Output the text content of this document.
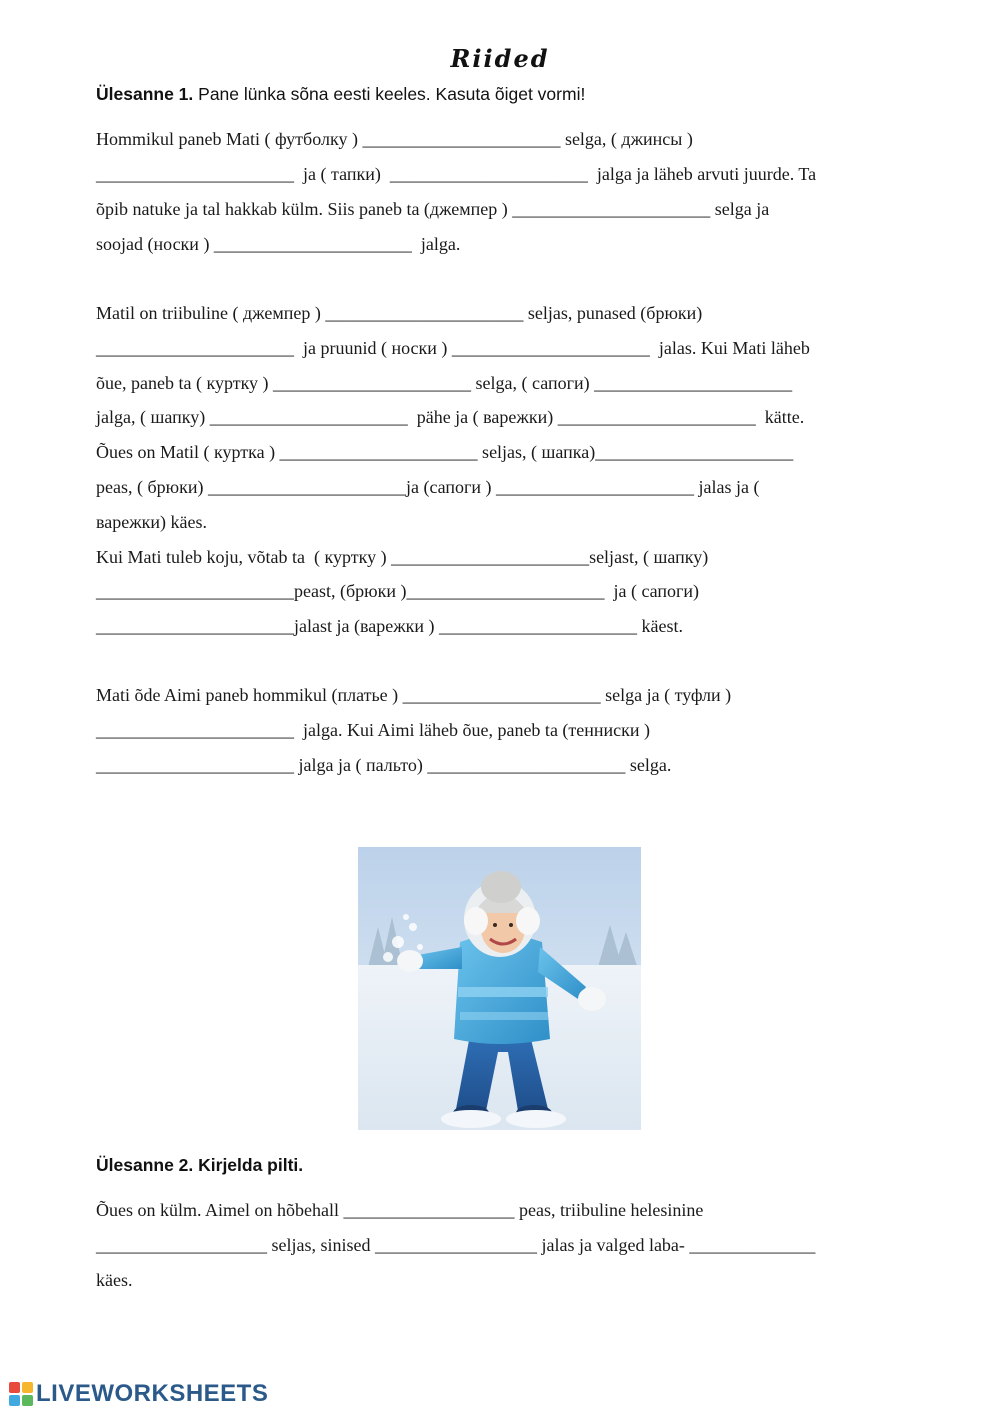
Riided
Ülesanne 1. Pane lünka sõna eesti keeles. Kasuta õiget vormi!
Hommikul paneb Mati ( футболку ) ______________________ selga, ( джинсы )
______________________  ja ( тапки)  ______________________  jalga ja läheb arvuti juurde. Ta
õpib natuke ja tal hakkab külm. Siis paneb ta (джемпер ) ______________________ selga ja
soojad (носки ) ______________________  jalga.
Matil on triibuline ( джемпер ) ______________________ seljas, punased (брюки)
______________________  ja pruunid ( носки ) ______________________  jalas. Kui Mati läheb
õue, paneb ta ( куртку ) ______________________ selga, ( сапоги) ______________________
jalga, ( шапку) ______________________  pähe ja ( варежки) ______________________  kätte.
Õues on Matil ( куртка ) ______________________ seljas, ( шапка)______________________
peas, ( брюки) ______________________ja (сапоги ) ______________________ jalas ja (
варежки) käes.
Kui Mati tuleb koju, võtab ta  ( куртку ) ______________________seljast, ( шапку)
______________________peast, (брюки )______________________  ja ( сапоги)
______________________jalast ja (варежки ) ______________________ käest.
Mati õde Aimi paneb hommikul (платье ) ______________________ selga ja ( туфли )
______________________  jalga. Kui Aimi läheb õue, paneb ta (тенниски )
______________________ jalga ja ( пальто) ______________________ selga.
Ülesanne 2. Kirjelda pilti.
Õues on külm. Aimel on hõbehall ___________________ peas, triibuline helesinine
___________________ seljas, sinised __________________ jalas ja valged laba- ______________
käes.
LIVEWORKSHEETS
